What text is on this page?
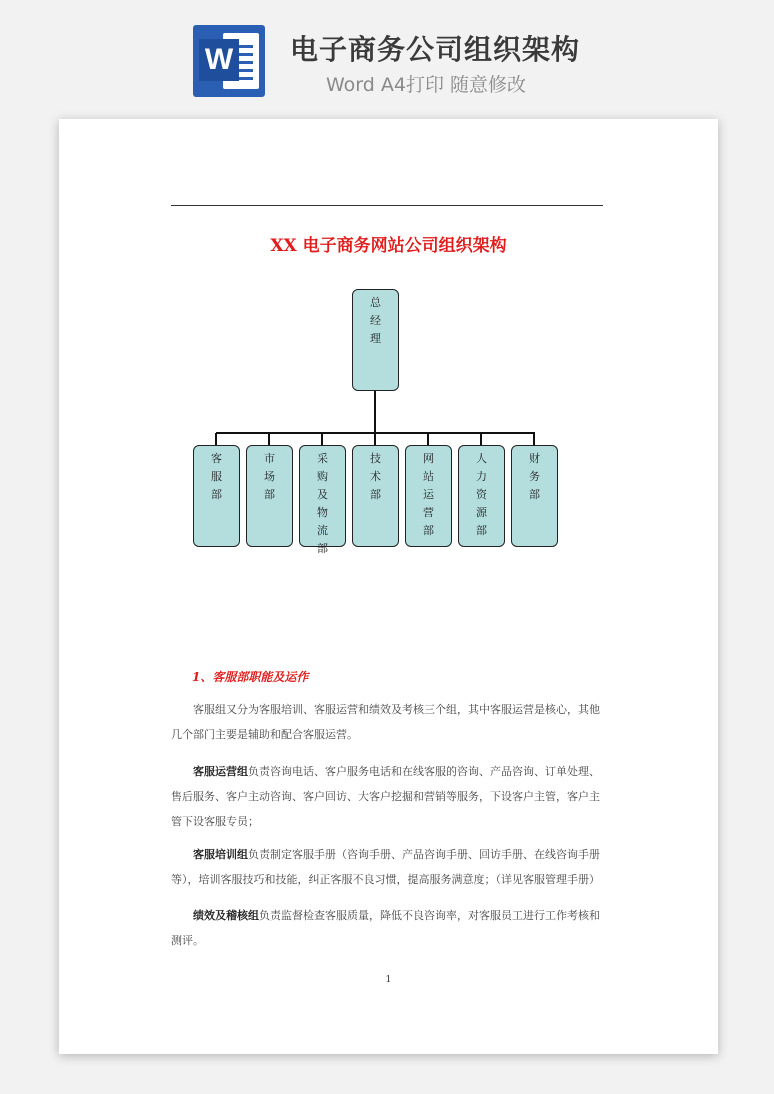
W 电子商务公司组织架构
Word A4打印 随意修改
XX 电子商务网站公司组织架构
总
经
理
客
服
部
市
场
部
采
购
及
物
流
部
技
术
部
网
站
运
营
部
人
力
资
源
部
财
务
部
1、客服部职能及运作

客服组又分为客服培训、客服运营和绩效及考核三个组，其中客服运营是核心，其他几个部门主要是辅助和配合客服运营。

客服运营组负责咨询电话、客户服务电话和在线客服的咨询、产品咨询、订单处理、售后服务、客户主动咨询、客户回访、大客户挖掘和营销等服务，下设客户主管，客户主管下设客服专员；

客服培训组负责制定客服手册（咨询手册、产品咨询手册、回访手册、在线咨询手册等），培训客服技巧和技能，纠正客服不良习惯，提高服务满意度；（详见客服管理手册）

绩效及稽核组负责监督检查客服质量，降低不良咨询率，对客服员工进行工作考核和测评。

1
